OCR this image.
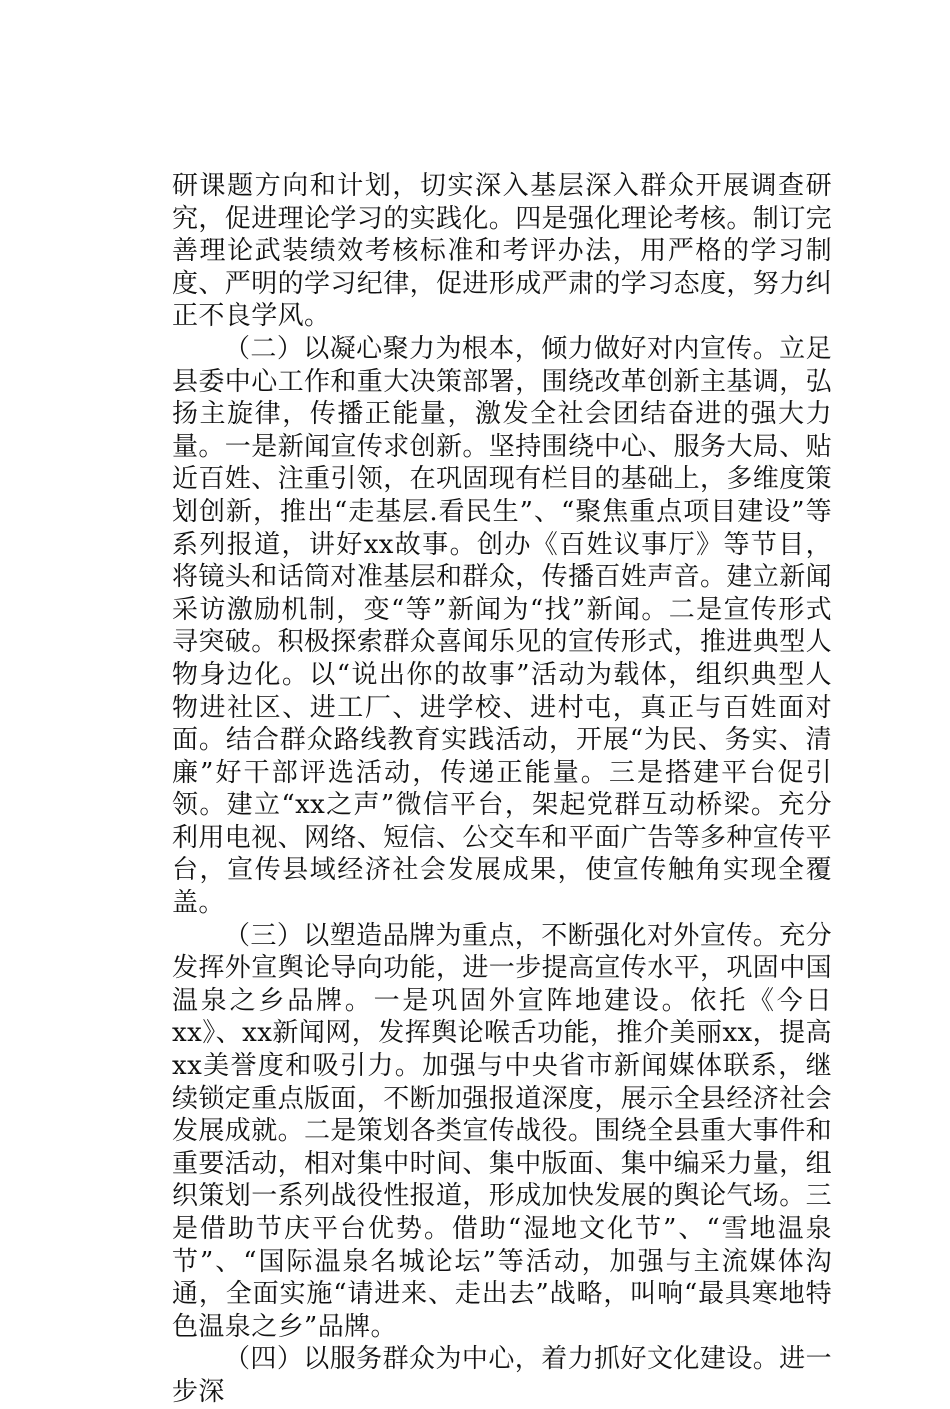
研课题方向和计划，切实深入基层深入群众开展调查研究，促进理论学习的实践化。四是强化理论考核。制订完善理论武装绩效考核标准和考评办法，用严格的学习制度、严明的学习纪律，促进形成严肃的学习态度，努力纠正不良学风。

（二）以凝心聚力为根本，倾力做好对内宣传。立足县委中心工作和重大决策部署，围绕改革创新主基调，弘扬主旋律，传播正能量，激发全社会团结奋进的强大力量。一是新闻宣传求创新。坚持围绕中心、服务大局、贴近百姓、注重引领，在巩固现有栏目的基础上，多维度策划创新，推出“走基层.看民生”、“聚焦重点项目建设”等系列报道，讲好xx故事。创办《百姓议事厅》等节目，将镜头和话筒对准基层和群众，传播百姓声音。建立新闻采访激励机制，变“等”新闻为“找”新闻。二是宣传形式寻突破。积极探索群众喜闻乐见的宣传形式，推进典型人物身边化。以“说出你的故事”活动为载体，组织典型人物进社区、进工厂、进学校、进村屯，真正与百姓面对面。结合群众路线教育实践活动，开展“为民、务实、清廉”好干部评选活动，传递正能量。三是搭建平台促引领。建立“xx之声”微信平台，架起党群互动桥梁。充分利用电视、网络、短信、公交车和平面广告等多种宣传平台，宣传县域经济社会发展成果，使宣传触角实现全覆盖。

（三）以塑造品牌为重点，不断强化对外宣传。充分发挥外宣舆论导向功能，进一步提高宣传水平，巩固中国温泉之乡品牌。一是巩固外宣阵地建设。依托《今日xx》、xx新闻网，发挥舆论喉舌功能，推介美丽xx，提高xx美誉度和吸引力。加强与中央省市新闻媒体联系，继续锁定重点版面，不断加强报道深度，展示全县经济社会发展成就。二是策划各类宣传战役。围绕全县重大事件和重要活动，相对集中时间、集中版面、集中编采力量，组织策划一系列战役性报道，形成加快发展的舆论气场。三是借助节庆平台优势。借助“湿地文化节”、“雪地温泉节”、“国际温泉名城论坛”等活动，加强与主流媒体沟通，全面实施“请进来、走出去”战略，叫响“最具寒地特色温泉之乡”品牌。

（四）以服务群众为中心，着力抓好文化建设。进一步深
